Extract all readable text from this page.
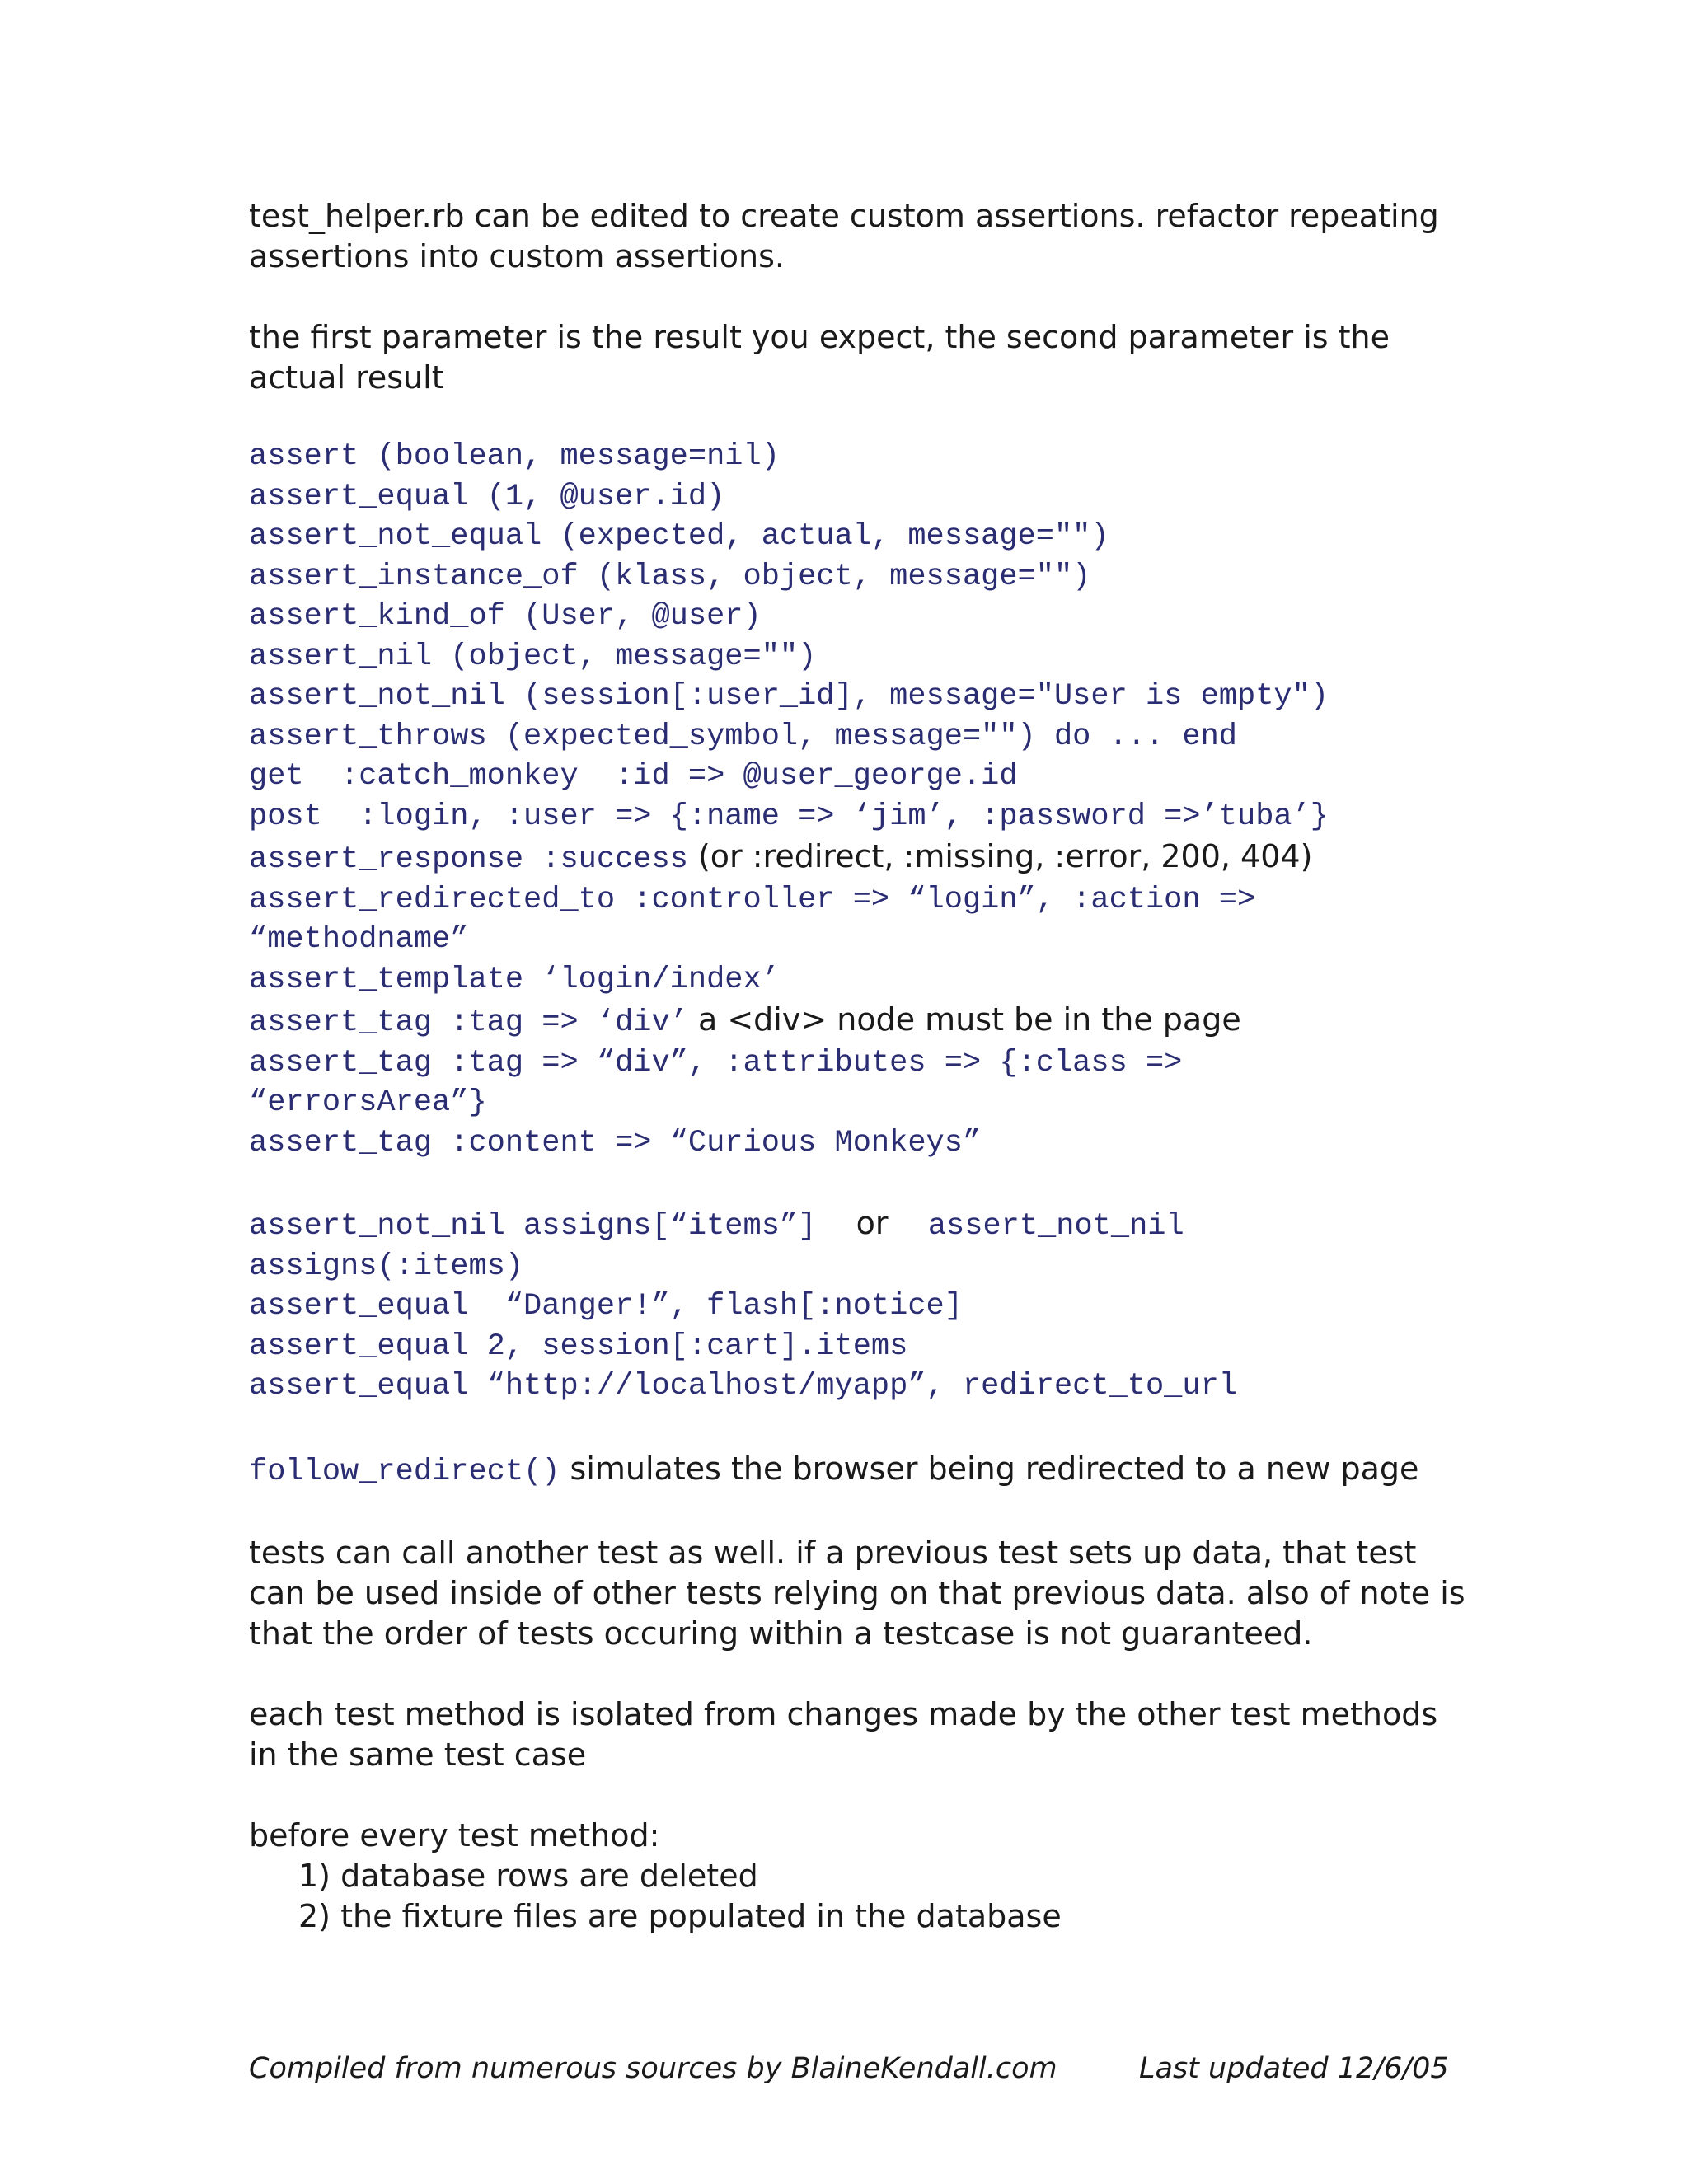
test_helper.rb can be edited to create custom assertions. refactor repeating assertions into custom assertions.

the first parameter is the result you expect, the second parameter is the actual result

assert (boolean, message=nil)
assert_equal (1, @user.id)
assert_not_equal (expected, actual, message="")
assert_instance_of (klass, object, message="")
assert_kind_of (User, @user)
assert_nil (object, message="")
assert_not_nil (session[:user_id], message="User is empty")
assert_throws (expected_symbol, message="") do ... end
get  :catch_monkey  :id => @user_george.id
post  :login, :user => {:name => ‘jim’, :password =>’tuba’}
assert_response :success (or :redirect, :missing, :error, 200, 404)
assert_redirected_to :controller => “login”, :action =>
“methodname”
assert_template ‘login/index’
assert_tag :tag => ‘div’ a <div> node must be in the page
assert_tag :tag => “div”, :attributes => {:class =>
“errorsArea”}
assert_tag :content => “Curious Monkeys”
assert_not_nil assigns[“items”]    or    assert_not_nil
assigns(:items)
assert_equal  “Danger!”, flash[:notice]
assert_equal 2, session[:cart].items
assert_equal “http://localhost/myapp”, redirect_to_url

follow_redirect() simulates the browser being redirected to a new page

tests can call another test as well. if a previous test sets up data, that test can be used inside of other tests relying on that previous data. also of note is that the order of tests occuring within a testcase is not guaranteed.

each test method is isolated from changes made by the other test methods in the same test case

before every test method:

1) database rows are deleted
2) the fixture files are populated in the database
Compiled from numerous sources by BlaineKendall.com	Last updated 12/6/05
